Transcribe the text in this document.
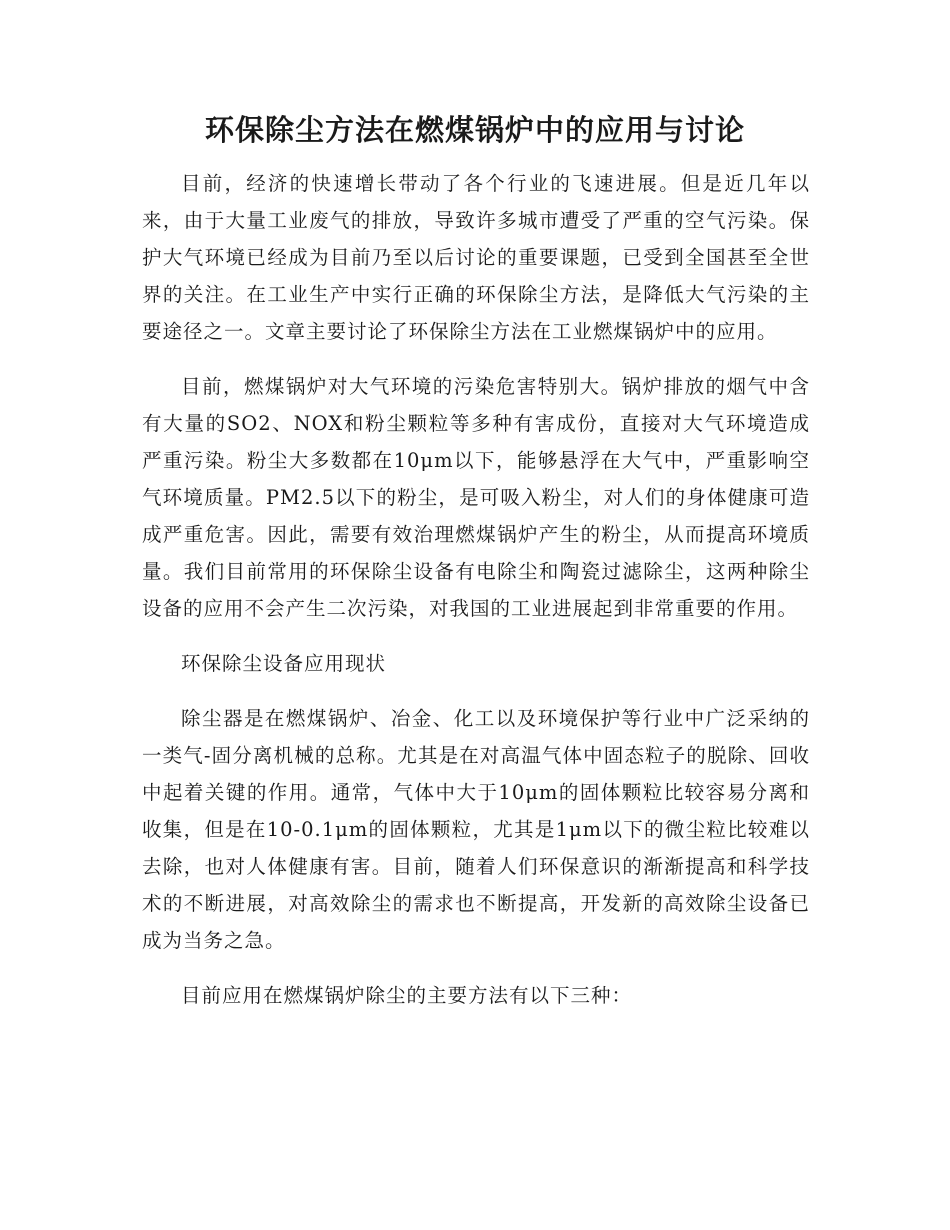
环保除尘方法在燃煤锅炉中的应用与讨论

目前，经济的快速增长带动了各个行业的飞速进展。但是近几年以来，由于大量工业废气的排放，导致许多城市遭受了严重的空气污染。保护大气环境已经成为目前乃至以后讨论的重要课题，已受到全国甚至全世界的关注。在工业生产中实行正确的环保除尘方法，是降低大气污染的主要途径之一。文章主要讨论了环保除尘方法在工业燃煤锅炉中的应用。

目前，燃煤锅炉对大气环境的污染危害特别大。锅炉排放的烟气中含有大量的SO2、NOX和粉尘颗粒等多种有害成份，直接对大气环境造成严重污染。粉尘大多数都在10μm以下，能够悬浮在大气中，严重影响空气环境质量。PM2.5以下的粉尘，是可吸入粉尘，对人们的身体健康可造成严重危害。因此，需要有效治理燃煤锅炉产生的粉尘，从而提高环境质量。我们目前常用的环保除尘设备有电除尘和陶瓷过滤除尘，这两种除尘设备的应用不会产生二次污染，对我国的工业进展起到非常重要的作用。

环保除尘设备应用现状

除尘器是在燃煤锅炉、冶金、化工以及环境保护等行业中广泛采纳的一类气-固分离机械的总称。尤其是在对高温气体中固态粒子的脱除、回收中起着关键的作用。通常，气体中大于10μm的固体颗粒比较容易分离和收集，但是在10-0.1μm的固体颗粒，尤其是1μm以下的微尘粒比较难以去除，也对人体健康有害。目前，随着人们环保意识的渐渐提高和科学技术的不断进展，对高效除尘的需求也不断提高，开发新的高效除尘设备已成为当务之急。

目前应用在燃煤锅炉除尘的主要方法有以下三种：
